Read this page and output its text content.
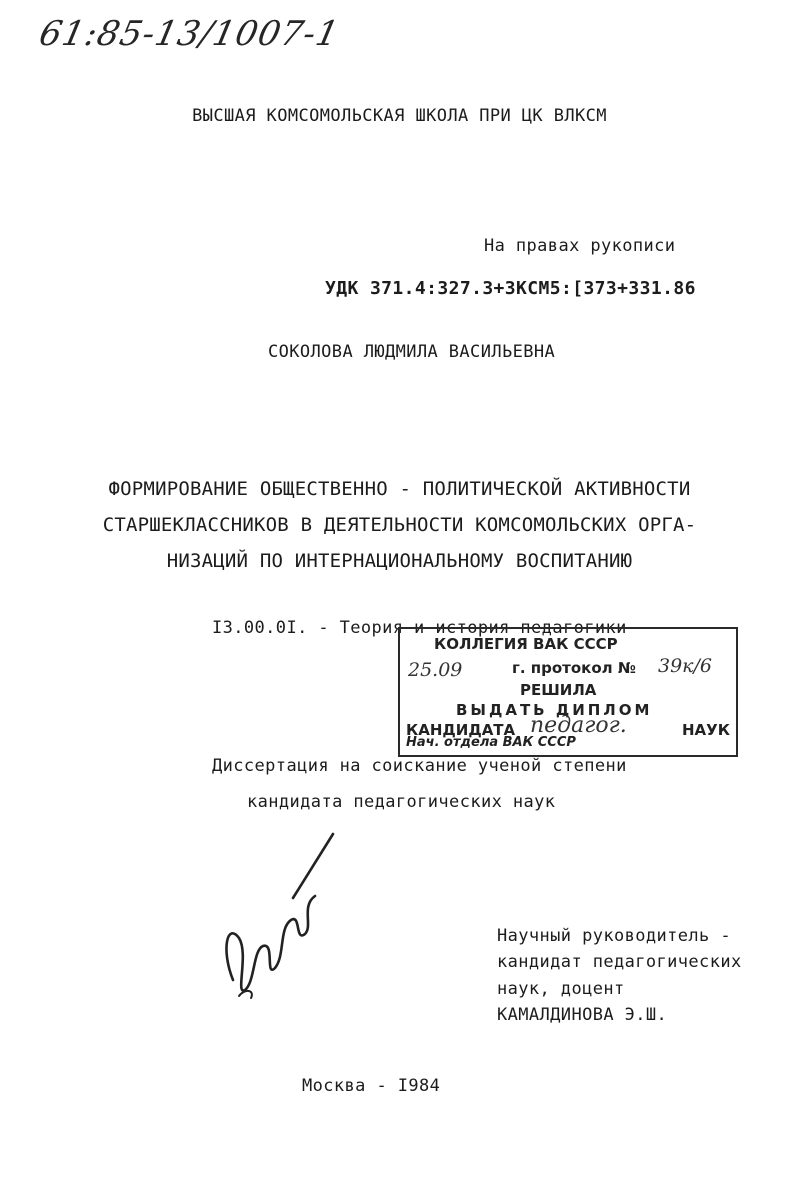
61:85-13/1007-1
ВЫСШАЯ КОМСОМОЛЬСКАЯ ШКОЛА ПРИ ЦК ВЛКСМ
На правах рукописи
УДК 371.4:327.3+3КСМ5:[373+331.86
СОКОЛОВА ЛЮДМИЛА ВАСИЛЬЕВНА
ФОРМИРОВАНИЕ ОБЩЕСТВЕННО - ПОЛИТИЧЕСКОЙ АКТИВНОСТИ
СТАРШЕКЛАССНИКОВ В ДЕЯТЕЛЬНОСТИ КОМСОМОЛЬСКИХ ОРГА-
НИЗАЦИЙ ПО ИНТЕРНАЦИОНАЛЬНОМУ ВОСПИТАНИЮ
I3.00.0I. - Теория и история педагогики
КОЛЛЕГИЯ ВАК СССР
25.09	г. протокол № 39к/6
РЕШИЛА
ВЫДАТЬ ДИПЛОМ
КАНДИДАТА педагог.	НАУК
Нач. отдела ВАК СССР
Диссертация на соискание ученой степени
кандидата педагогических наук
Научный руководитель -
кандидат педагогических
наук, доцент
КАМАЛДИНОВА Э.Ш.
Москва - I984
